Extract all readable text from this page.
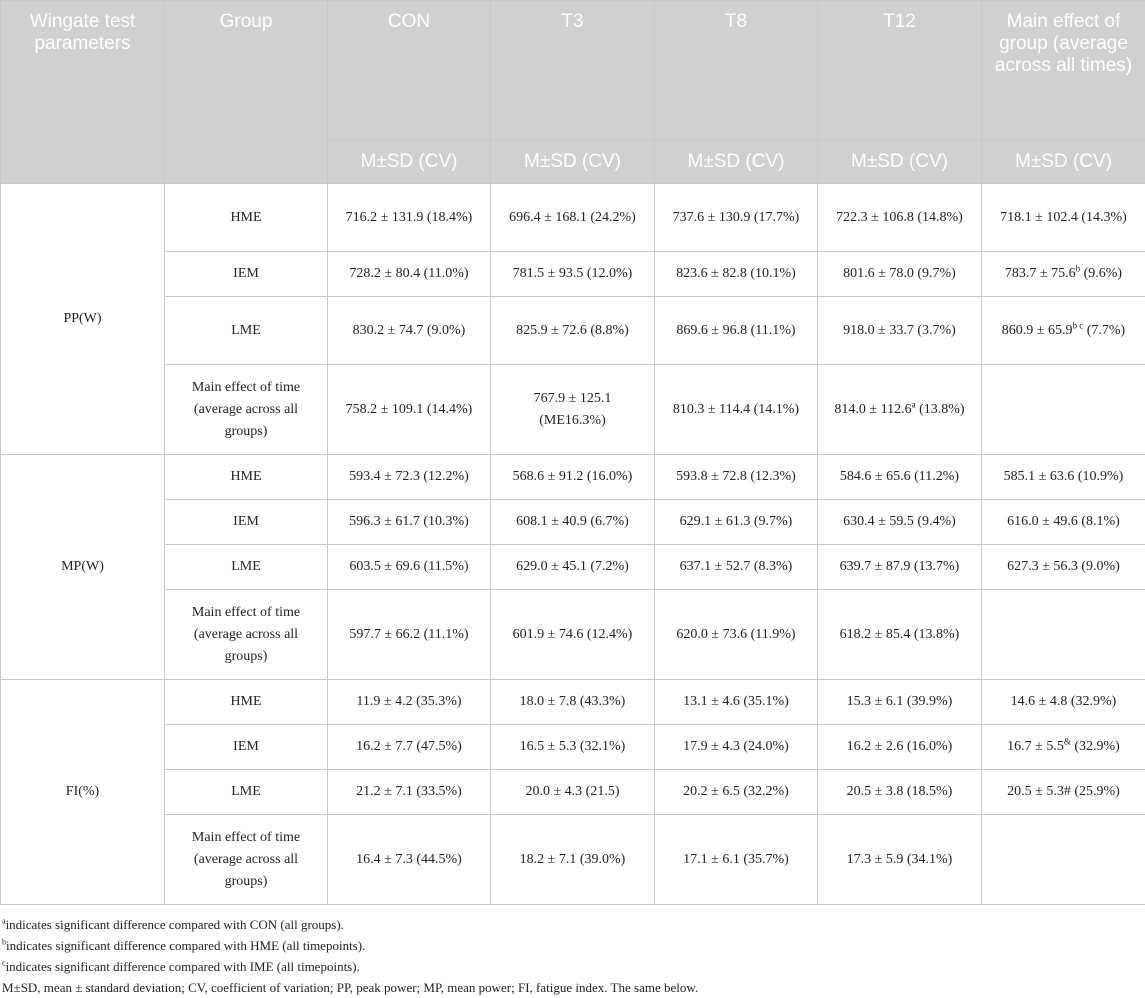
Wingate test parameters	Group	CON	T3	T8	T12	Main effect of group (average across all times)
		M±SD (CV)	M±SD (CV)	M±SD (CV)	M±SD (CV)	M±SD (CV)
PP(W)	HME	716.2 ± 131.9 (18.4%)	696.4 ± 168.1 (24.2%)	737.6 ± 130.9 (17.7%)	722.3 ± 106.8 (14.8%)	718.1 ± 102.4 (14.3%)
	IEM	728.2 ± 80.4 (11.0%)	781.5 ± 93.5 (12.0%)	823.6 ± 82.8 (10.1%)	801.6 ± 78.0 (9.7%)	783.7 ± 75.6$^b$ (9.6%)
	LME	830.2 ± 74.7 (9.0%)	825.9 ± 72.6 (8.8%)	869.6 ± 96.8 (11.1%)	918.0 ± 33.7 (3.7%)	$860.9 \pm 65.9^{b c}$ (7.7%)
	Main effect of time (average across all groups)	758.2 ± 109.1 (14.4%)	767.9 ± 125.1 (ME16.3%)	810.3 ± 114.4 (14.1%)	814.0 ± 112.6$^a$ (13.8%)	
MP(W)	HME	593.4 ± 72.3 (12.2%)	568.6 ± 91.2 (16.0%)	593.8 ± 72.8 (12.3%)	584.6 ± 65.6 (11.2%)	585.1 ± 63.6 (10.9%)
	IEM	596.3 ± 61.7 (10.3%)	608.1 ± 40.9 (6.7%)	629.1 ± 61.3 (9.7%)	630.4 ± 59.5 (9.4%)	616.0 ± 49.6 (8.1%)
	LME	603.5 ± 69.6 (11.5%)	629.0 ± 45.1 (7.2%)	637.1 ± 52.7 (8.3%)	639.7 ± 87.9 (13.7%)	627.3 ± 56.3 (9.0%)
	Main effect of time (average across all groups)	597.7 ± 66.2 (11.1%)	601.9 ± 74.6 (12.4%)	620.0 ± 73.6 (11.9%)	618.2 ± 85.4 (13.8%)	
FI(%)	HME	11.9 ± 4.2 (35.3%)	18.0 ± 7.8 (43.3%)	13.1 ± 4.6 (35.1%)	15.3 ± 6.1 (39.9%)	14.6 ± 4.8 (32.9%)
	IEM	16.2 ± 7.7 (47.5%)	16.5 ± 5.3 (32.1%)	17.9 ± 4.3 (24.0%)	16.2 ± 2.6 (16.0%)	16.7 ± 5.5& (32.9%)
	LME	21.2 ± 7.1 (33.5%)	20.0 ± 4.3 (21.5)	20.2 ± 6.5 (32.2%)	20.5 ± 3.8 (18.5%)	20.5 ± 5.3# (25.9%)
	Main effect of time (average across all groups)	16.4 ± 7.3 (44.5%)	18.2 ± 7.1 (39.0%)	17.1 ± 6.1 (35.7%)	17.3 ± 5.9 (34.1%)	
$^a$indicates significant difference compared with CON (all groups).
$^b$indicates significant difference compared with HME (all timepoints).
$^c$indicates significant difference compared with IME (all timepoints).
M±SD, mean ± standard deviation; CV, coefficient of variation; PP, peak power; MP, mean power; FI, fatigue index. The same below.
